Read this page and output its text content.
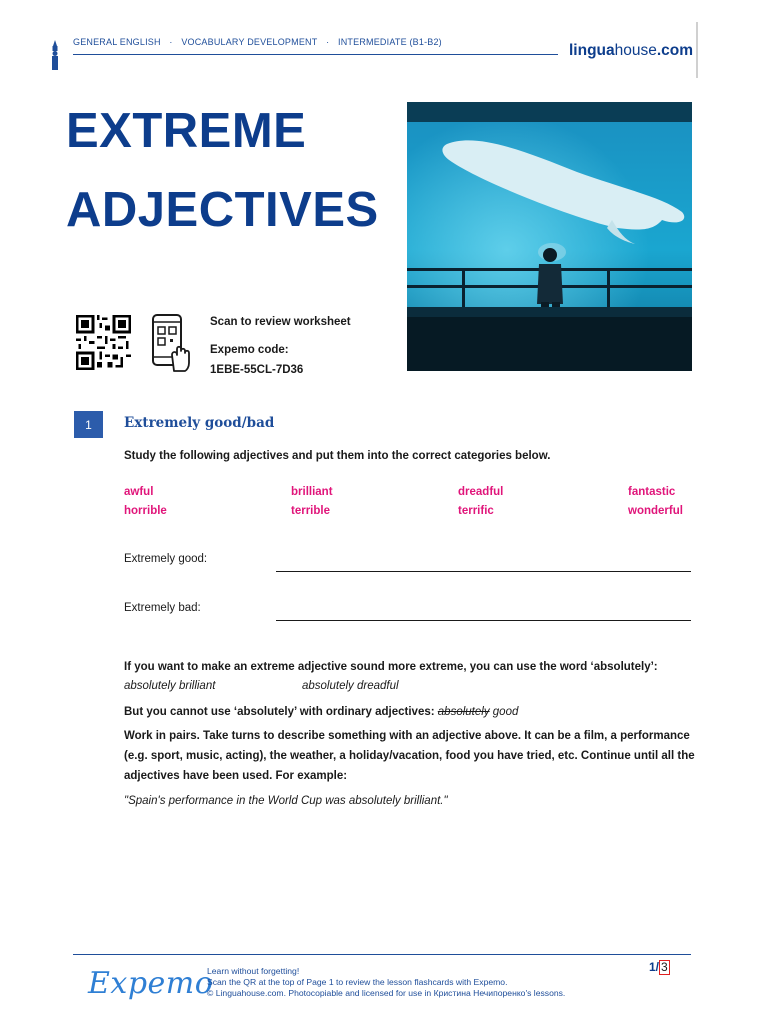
GENERAL ENGLISH · VOCABULARY DEVELOPMENT · INTERMEDIATE (B1-B2)	linguahouse.com
EXTREME
ADJECTIVES
Scan to review worksheet
Expemo code:
1EBE-55CL-7D36
1	Extremely good/bad
Study the following adjectives and put them into the correct categories below.
awful	brilliant	dreadful	fantastic
horrible	terrible	terrific	wonderful
Extremely good:
Extremely bad:
If you want to make an extreme adjective sound more extreme, you can use the word ‘absolutely’:
absolutely brilliant	absolutely dreadful
But you cannot use ‘absolutely’ with ordinary adjectives: absolutely good
Work in pairs. Take turns to describe something with an adjective above. It can be a film, a performance (e.g. sport, music, acting), the weather, a holiday/vacation, food you have tried, etc. Continue until all the adjectives have been used. For example:
"Spain's performance in the World Cup was absolutely brilliant."
Expemo
Learn without forgetting!
Scan the QR at the top of Page 1 to review the lesson flashcards with Expemo.
© Linguahouse.com. Photocopiable and licensed for use in Кристина Нечипоренко's lessons.
1/ 3
